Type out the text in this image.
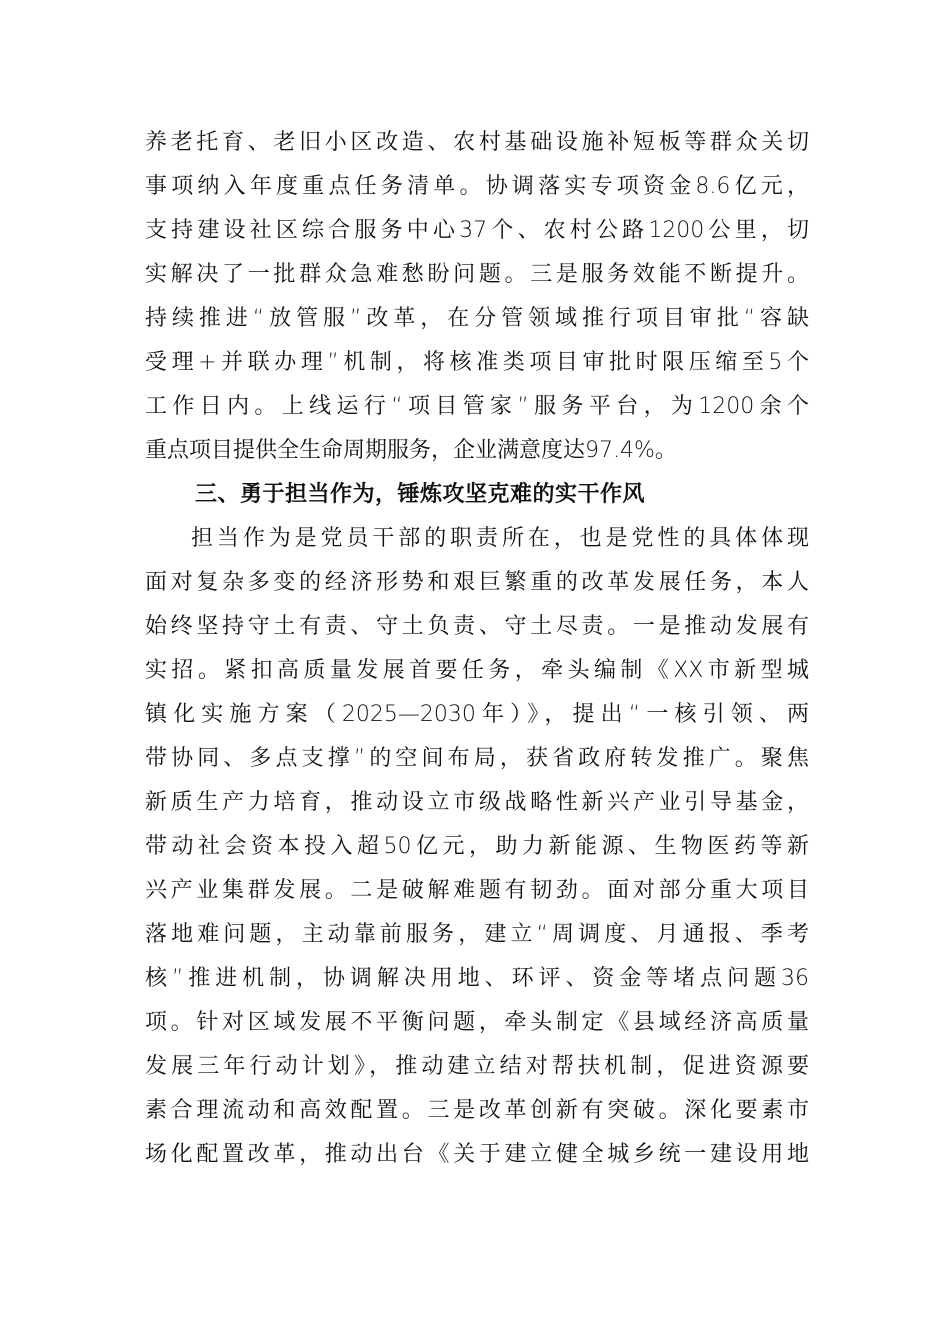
养老托育、老旧小区改造、农村基础设施补短板等群众关切
事项纳入年度重点任务清单。协调落实专项资金8.6亿元，
支持建设社区综合服务中心37个、农村公路1200公里，切
实解决了一批群众急难愁盼问题。三是服务效能不断提升。
持续推进“放管服”改革，在分管领域推行项目审批“容缺
受理+并联办理”机制，将核准类项目审批时限压缩至5个
工作日内。上线运行“项目管家”服务平台，为1200余个
重点项目提供全生命周期服务，企业满意度达97.4%。
三、勇于担当作为，锤炼攻坚克难的实干作风
担当作为是党员干部的职责所在，也是党性的具体体现
面对复杂多变的经济形势和艰巨繁重的改革发展任务，本人
始终坚持守土有责、守土负责、守土尽责。一是推动发展有
实招。紧扣高质量发展首要任务，牵头编制《XX市新型城
镇化实施方案（2025—2030年）》，提出“一核引领、两
带协同、多点支撑”的空间布局，获省政府转发推广。聚焦
新质生产力培育，推动设立市级战略性新兴产业引导基金，
带动社会资本投入超50亿元，助力新能源、生物医药等新
兴产业集群发展。二是破解难题有韧劲。面对部分重大项目
落地难问题，主动靠前服务，建立“周调度、月通报、季考
核”推进机制，协调解决用地、环评、资金等堵点问题36
项。针对区域发展不平衡问题，牵头制定《县域经济高质量
发展三年行动计划》，推动建立结对帮扶机制，促进资源要
素合理流动和高效配置。三是改革创新有突破。深化要素市
场化配置改革，推动出台《关于建立健全城乡统一建设用地
